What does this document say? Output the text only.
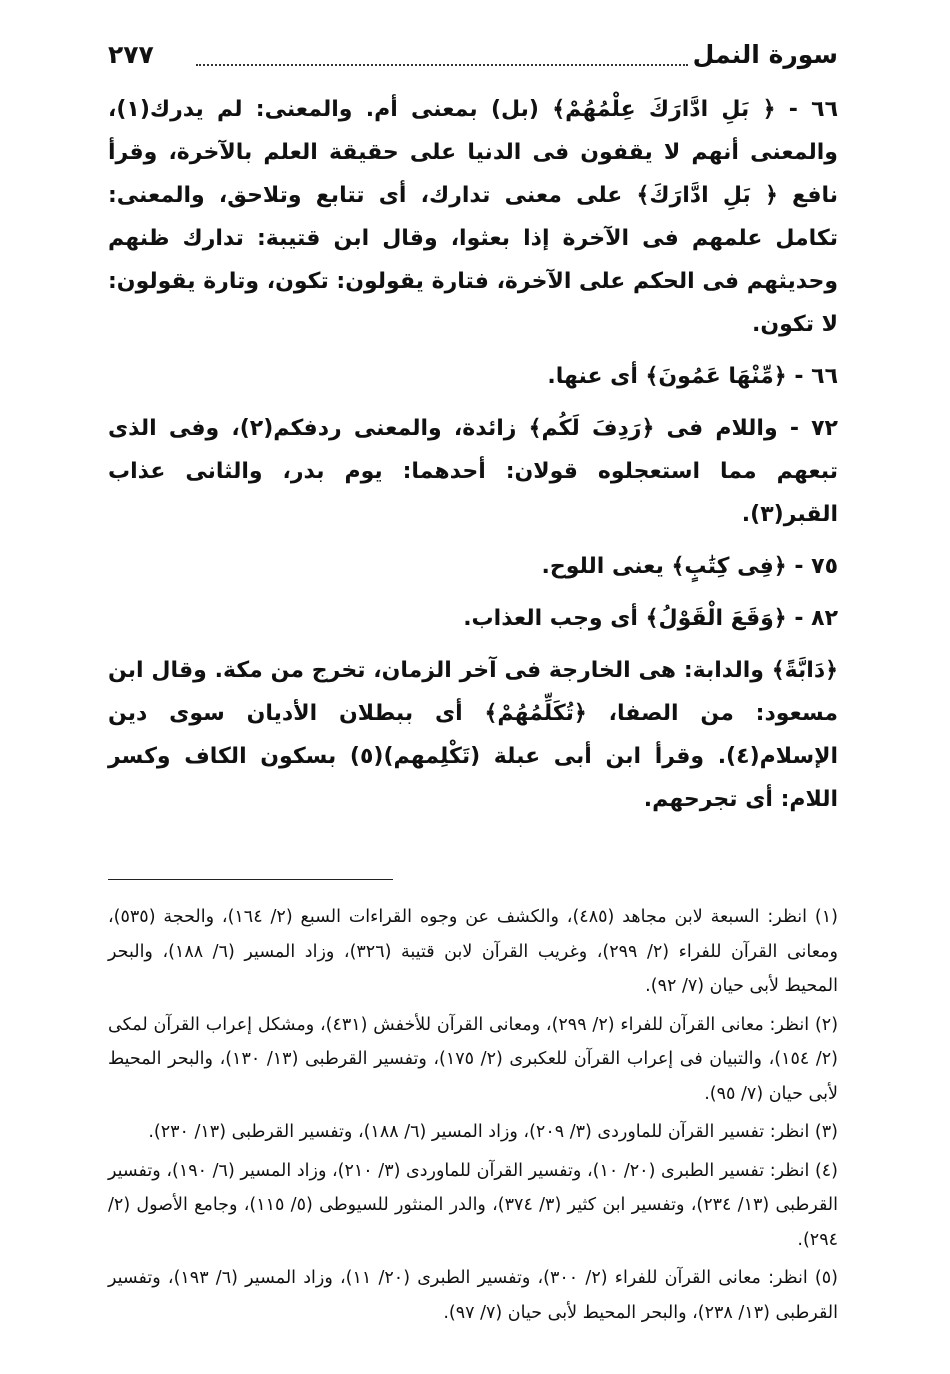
سورة النمل
٢٧٧

٦٦ - ﴿ بَلِ ادَّارَكَ عِلْمُهُمْ﴾ (بل) بمعنى أم. والمعنى: لم يدرك(١)، والمعنى أنهم لا يقفون فى الدنيا على حقيقة العلم بالآخرة، وقرأ نافع ﴿ بَلِ ادَّارَكَ﴾ على معنى تدارك، أى تتابع وتلاحق، والمعنى: تكامل علمهم فى الآخرة إذا بعثوا، وقال ابن قتيبة: تدارك ظنهم وحديثهم فى الحكم على الآخرة، فتارة يقولون: تكون، وتارة يقولون: لا تكون.

٦٦ - ﴿مِّنْهَا عَمُونَ﴾ أى عنها.

٧٢ - واللام فى ﴿رَدِفَ لَكُم﴾ زائدة، والمعنى ردفكم(٢)، وفى الذى تبعهم مما استعجلوه قولان: أحدهما: يوم بدر، والثانى عذاب القبر(٣).

٧٥ - ﴿فِى كِتَٰبٍ﴾ يعنى اللوح.

٨٢ - ﴿وَقَعَ الْقَوْلُ﴾ أى وجب العذاب.

﴿دَابَّةً﴾ والدابة: هى الخارجة فى آخر الزمان، تخرج من مكة. وقال ابن مسعود: من الصفا، ﴿تُكَلِّمُهُمْ﴾ أى ببطلان الأديان سوى دين الإسلام(٤). وقرأ ابن أبى عبلة (تَكْلِمهم)(٥) بسكون الكاف وكسر اللام: أى تجرحهم.

(١) انظر: السبعة لابن مجاهد (٤٨٥)، والكشف عن وجوه القراءات السبع (٢/ ١٦٤)، والحجة (٥٣٥)، ومعانى القرآن للفراء (٢/ ٢٩٩)، وغريب القرآن لابن قتيبة (٣٢٦)، وزاد المسير (٦/ ١٨٨)، والبحر المحيط لأبى حيان (٧/ ٩٢).

(٢) انظر: معانى القرآن للفراء (٢/ ٢٩٩)، ومعانى القرآن للأخفش (٤٣١)، ومشكل إعراب القرآن لمكى (٢/ ١٥٤)، والتبيان فى إعراب القرآن للعكبرى (٢/ ١٧٥)، وتفسير القرطبى (١٣/ ١٣٠)، والبحر المحيط لأبى حيان (٧/ ٩٥).

(٣) انظر: تفسير القرآن للماوردى (٣/ ٢٠٩)، وزاد المسير (٦/ ١٨٨)، وتفسير القرطبى (١٣/ ٢٣٠).

(٤) انظر: تفسير الطبرى (٢٠/ ١٠)، وتفسير القرآن للماوردى (٣/ ٢١٠)، وزاد المسير (٦/ ١٩٠)، وتفسير القرطبى (١٣/ ٢٣٤)، وتفسير ابن كثير (٣/ ٣٧٤)، والدر المنثور للسيوطى (٥/ ١١٥)، وجامع الأصول (٢/ ٢٩٤).

(٥) انظر: معانى القرآن للفراء (٢/ ٣٠٠)، وتفسير الطبرى (٢٠/ ١١)، وزاد المسير (٦/ ١٩٣)، وتفسير القرطبى (١٣/ ٢٣٨)، والبحر المحيط لأبى حيان (٧/ ٩٧).
